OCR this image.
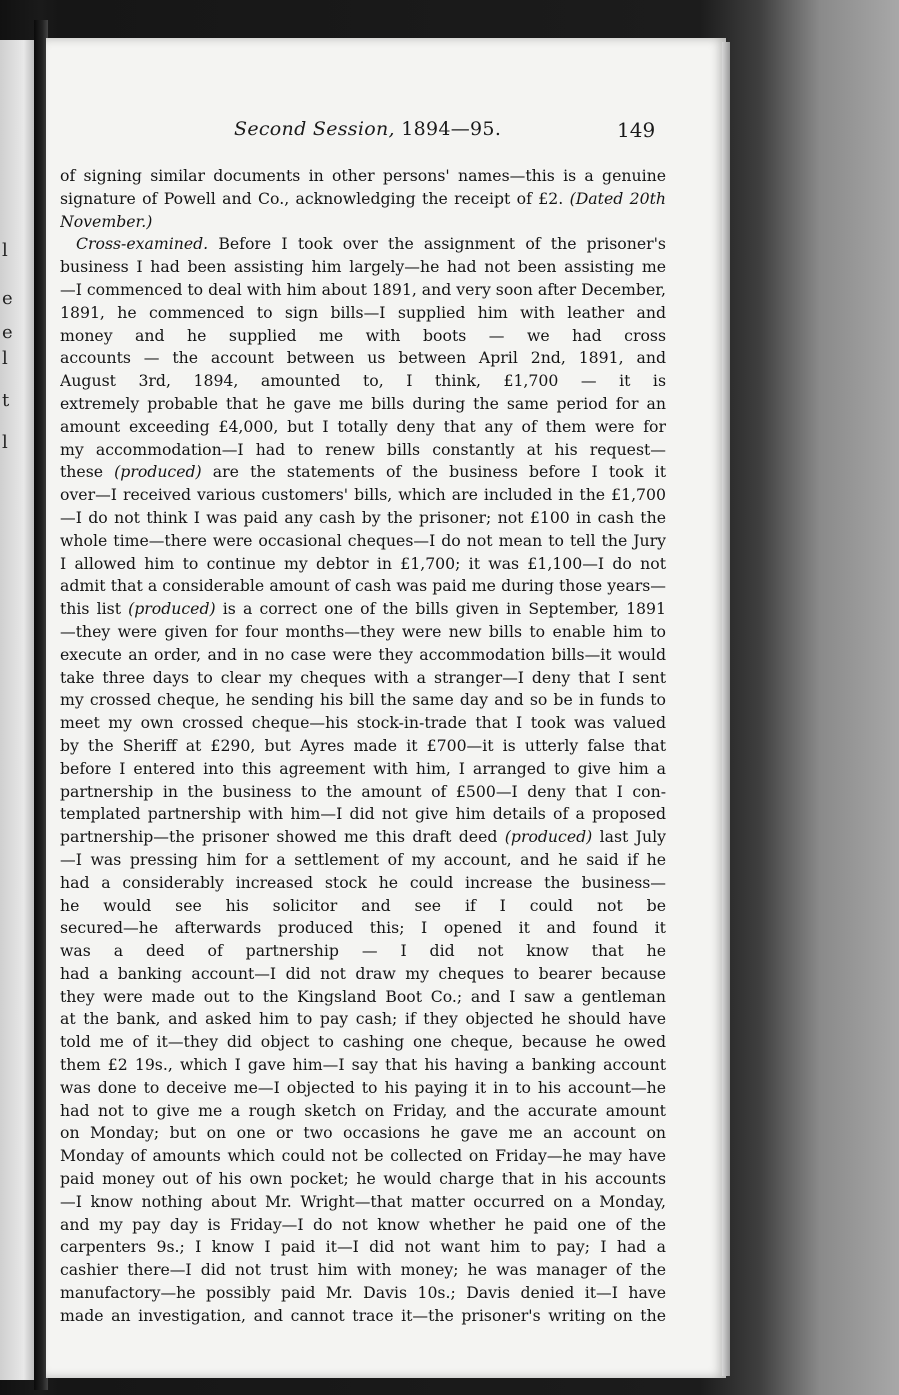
l
e
e
l
t
l
Second Session, 1894—95.	149
of signing similar documents in other persons' names—this is a genuine
signature of Powell and Co., acknowledging the receipt of £2. (Dated 20th
November.)
Cross-examined. Before I took over the assignment of the prisoner's
business I had been assisting him largely—he had not been assisting me
—I commenced to deal with him about 1891, and very soon after December,
1891, he commenced to sign bills—I supplied him with leather and
money and he supplied me with boots — we had cross
accounts — the account between us between April 2nd, 1891, and
August 3rd, 1894, amounted to, I think, £1,700 — it is
extremely probable that he gave me bills during the same period for an
amount exceeding £4,000, but I totally deny that any of them were for
my accommodation—I had to renew bills constantly at his request—
these (produced) are the statements of the business before I took it
over—I received various customers' bills, which are included in the £1,700
—I do not think I was paid any cash by the prisoner; not £100 in cash the
whole time—there were occasional cheques—I do not mean to tell the Jury
I allowed him to continue my debtor in £1,700; it was £1,100—I do not
admit that a considerable amount of cash was paid me during those years—
this list (produced) is a correct one of the bills given in September, 1891
—they were given for four months—they were new bills to enable him to
execute an order, and in no case were they accommodation bills—it would
take three days to clear my cheques with a stranger—I deny that I sent
my crossed cheque, he sending his bill the same day and so be in funds to
meet my own crossed cheque—his stock-in-trade that I took was valued
by the Sheriff at £290, but Ayres made it £700—it is utterly false that
before I entered into this agreement with him, I arranged to give him a
partnership in the business to the amount of £500—I deny that I con-
templated partnership with him—I did not give him details of a proposed
partnership—the prisoner showed me this draft deed (produced) last July
—I was pressing him for a settlement of my account, and he said if he
had a considerably increased stock he could increase the business—
he would see his solicitor and see if I could not be
secured—he afterwards produced this; I opened it and found it
was a deed of partnership — I did not know that he
had a banking account—I did not draw my cheques to bearer because
they were made out to the Kingsland Boot Co.; and I saw a gentleman
at the bank, and asked him to pay cash; if they objected he should have
told me of it—they did object to cashing one cheque, because he owed
them £2 19s., which I gave him—I say that his having a banking account
was done to deceive me—I objected to his paying it in to his account—he
had not to give me a rough sketch on Friday, and the accurate amount
on Monday; but on one or two occasions he gave me an account on
Monday of amounts which could not be collected on Friday—he may have
paid money out of his own pocket; he would charge that in his accounts
—I know nothing about Mr. Wright—that matter occurred on a Monday,
and my pay day is Friday—I do not know whether he paid one of the
carpenters 9s.; I know I paid it—I did not want him to pay; I had a
cashier there—I did not trust him with money; he was manager of the
manufactory—he possibly paid Mr. Davis 10s.; Davis denied it—I have
made an investigation, and cannot trace it—the prisoner's writing on the
